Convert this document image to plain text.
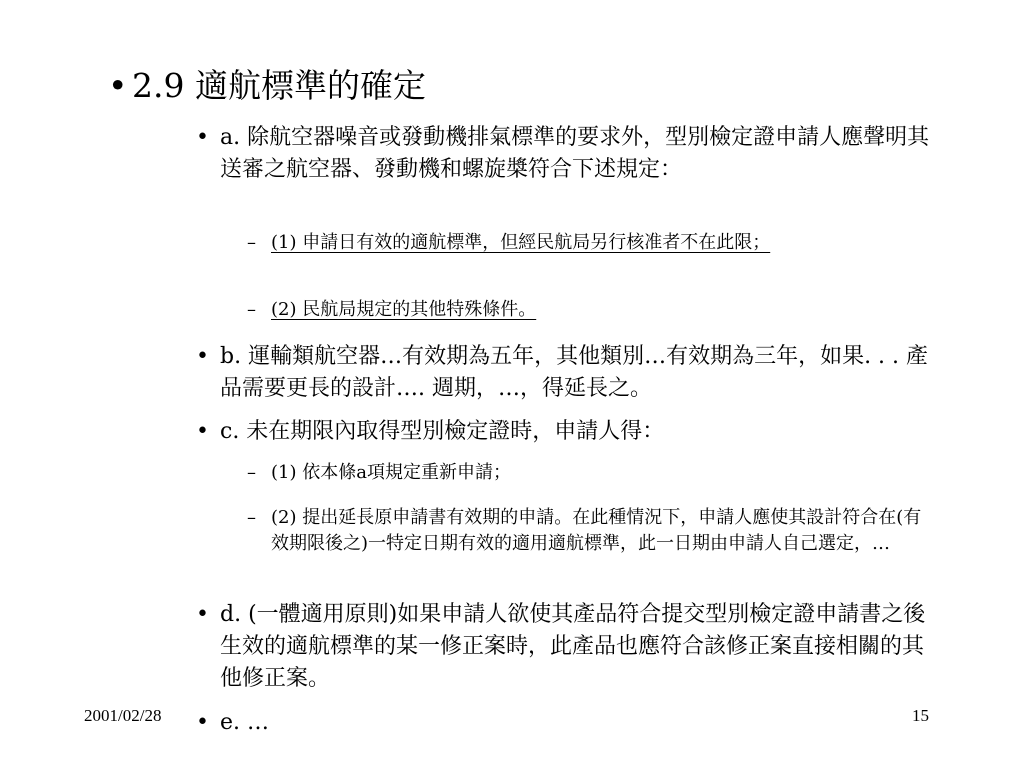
• 2.9 適航標準的確定
• a. 除航空器噪音或發動機排氣標準的要求外，型別檢定證申請人應聲明其送審之航空器、發動機和螺旋槳符合下述規定：
– (1) 申請日有效的適航標準，但經民航局另行核准者不在此限；
– (2) 民航局規定的其他特殊條件。
• b. 運輸類航空器…有效期為五年，其他類別…有效期為三年，如果. . . 產品需要更長的設計…. 週期，…，得延長之。
• c. 未在期限內取得型別檢定證時，申請人得：
– (1) 依本條a項規定重新申請；
– (2) 提出延長原申請書有效期的申請。在此種情況下，申請人應使其設計符合在(有效期限後之)一特定日期有效的適用適航標準，此一日期由申請人自己選定，…
• d. (一體適用原則)如果申請人欲使其產品符合提交型別檢定證申請書之後生效的適航標準的某一修正案時，此產品也應符合該修正案直接相關的其他修正案。
• e. …
2001/02/28	15
